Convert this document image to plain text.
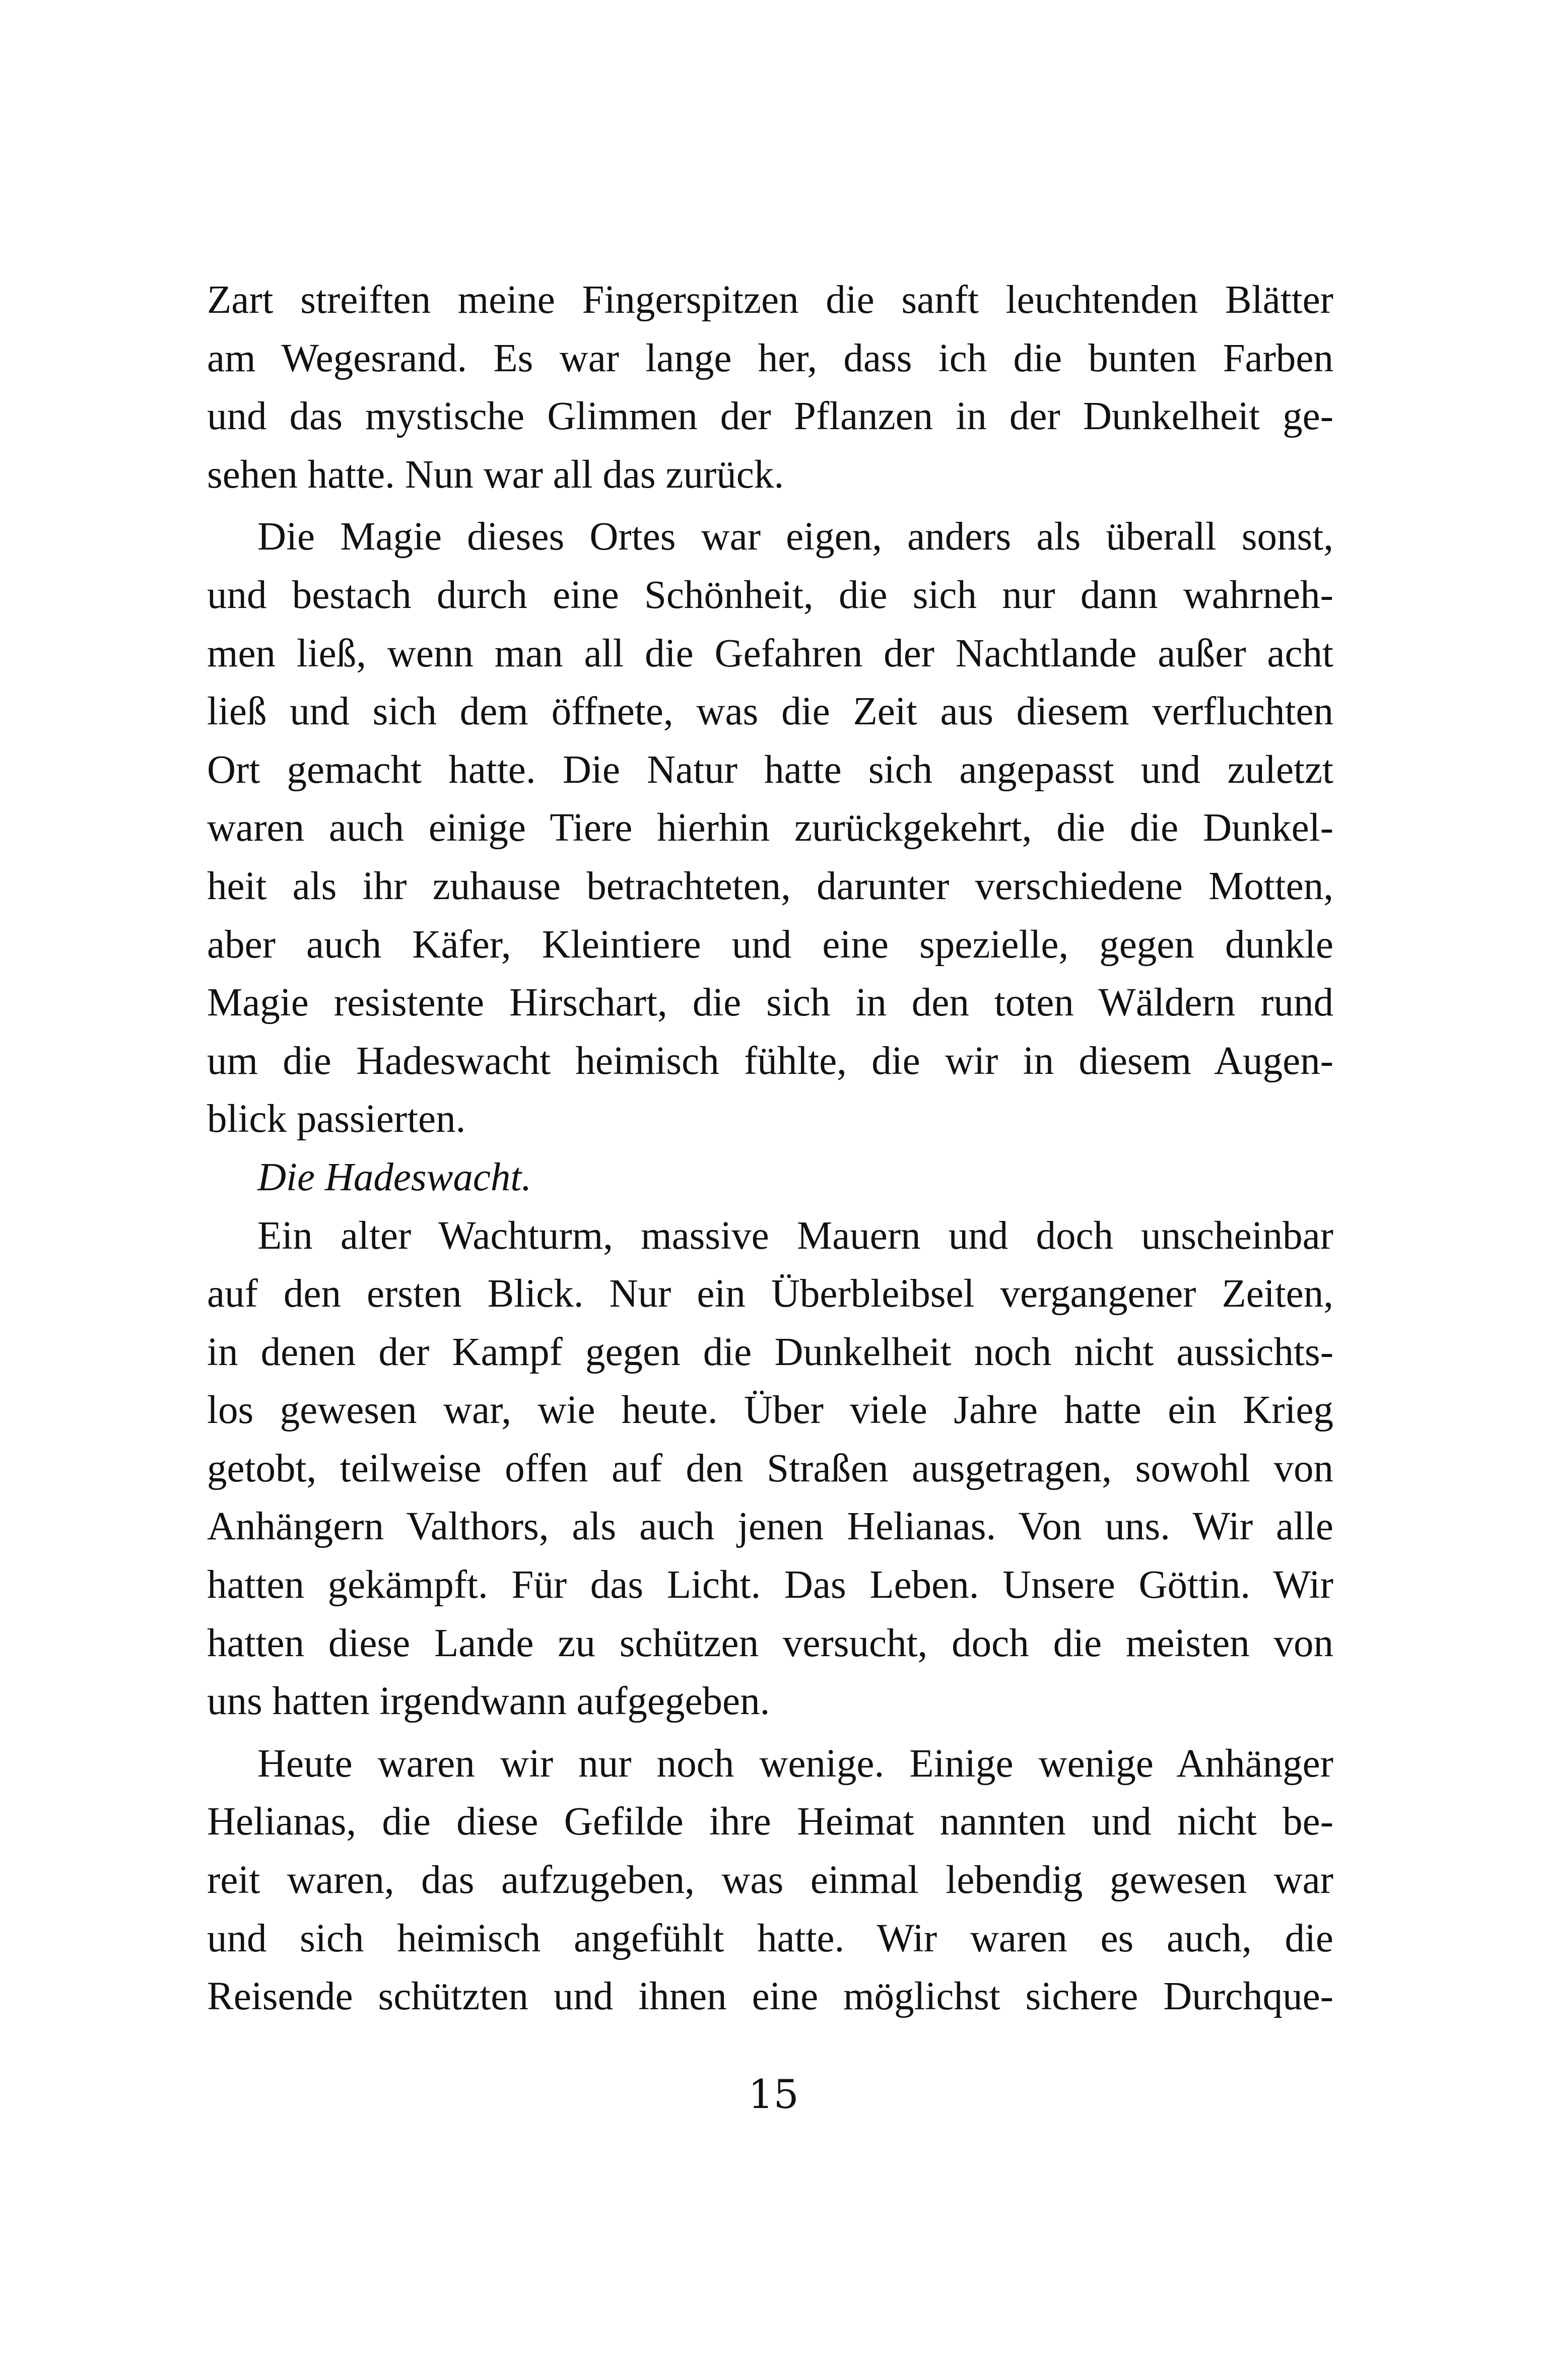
Zart streiften meine Fingerspitzen die sanft leuchtenden Blätter
am Wegesrand. Es war lange her, dass ich die bunten Farben
und das mystische Glimmen der Pflanzen in der Dunkelheit ge-
sehen hatte. Nun war all das zurück.
Die Magie dieses Ortes war eigen, anders als überall sonst,
und bestach durch eine Schönheit, die sich nur dann wahrneh-
men ließ, wenn man all die Gefahren der Nachtlande außer acht
ließ und sich dem öffnete, was die Zeit aus diesem verfluchten
Ort gemacht hatte. Die Natur hatte sich angepasst und zuletzt
waren auch einige Tiere hierhin zurückgekehrt, die die Dunkel-
heit als ihr zuhause betrachteten, darunter verschiedene Motten,
aber auch Käfer, Kleintiere und eine spezielle, gegen dunkle
Magie resistente Hirschart, die sich in den toten Wäldern rund
um die Hadeswacht heimisch fühlte, die wir in diesem Augen-
blick passierten.
Die Hadeswacht.
Ein alter Wachturm, massive Mauern und doch unscheinbar
auf den ersten Blick. Nur ein Überbleibsel vergangener Zeiten,
in denen der Kampf gegen die Dunkelheit noch nicht aussichts-
los gewesen war, wie heute. Über viele Jahre hatte ein Krieg
getobt, teilweise offen auf den Straßen ausgetragen, sowohl von
Anhängern Valthors, als auch jenen Helianas. Von uns. Wir alle
hatten gekämpft. Für das Licht. Das Leben. Unsere Göttin. Wir
hatten diese Lande zu schützen versucht, doch die meisten von
uns hatten irgendwann aufgegeben.
Heute waren wir nur noch wenige. Einige wenige Anhänger
Helianas, die diese Gefilde ihre Heimat nannten und nicht be-
reit waren, das aufzugeben, was einmal lebendig gewesen war
und sich heimisch angefühlt hatte. Wir waren es auch, die
Reisende schützten und ihnen eine möglichst sichere Durchque-
15
